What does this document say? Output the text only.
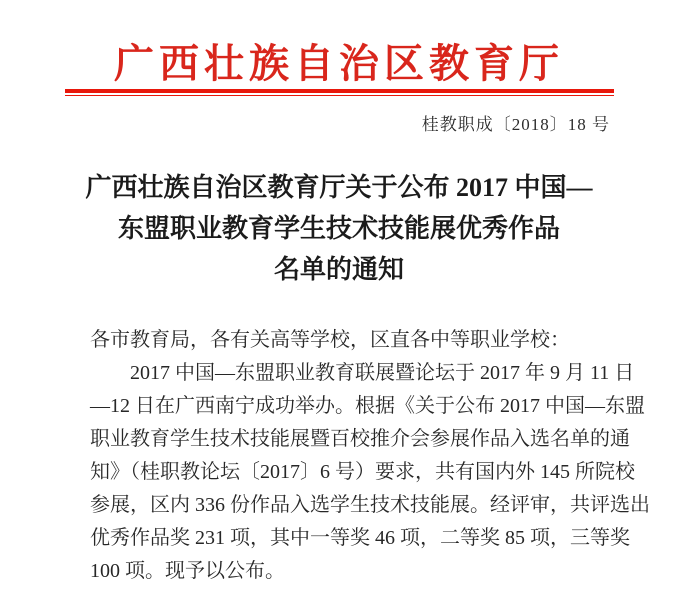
广西壮族自治区教育厅
桂教职成〔2018〕18 号
广西壮族自治区教育厅关于公布 2017 中国—
东盟职业教育学生技术技能展优秀作品
名单的通知
各市教育局，各有关高等学校，区直各中等职业学校：
2017 中国—东盟职业教育联展暨论坛于 2017 年 9 月 11 日
—12 日在广西南宁成功举办。根据《关于公布 2017 中国—东盟
职业教育学生技术技能展暨百校推介会参展作品入选名单的通
知》（桂职教论坛〔2017〕6 号）要求，共有国内外 145 所院校
参展，区内 336 份作品入选学生技术技能展。经评审，共评选出
优秀作品奖 231 项，其中一等奖 46 项，二等奖 85 项，三等奖
100 项。现予以公布。
